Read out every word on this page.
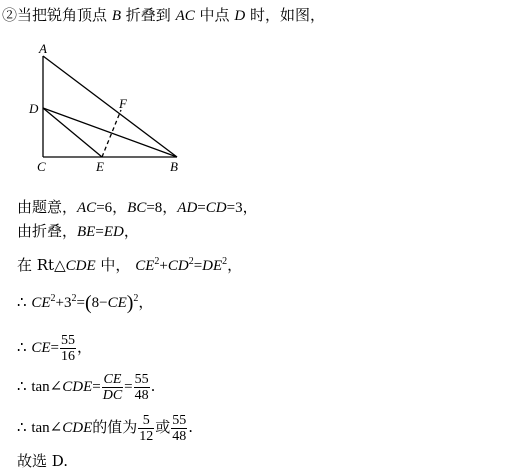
②当把锐角顶点 B 折叠到 AC 中点 D 时，如图，
A
D	F
C	E	B
由题意，AC=6，BC=8，AD=CD=3，
由折叠，BE=ED，
在 Rt△CDE 中， $CE^2+CD^2=DE^2$，
∴ $CE^2+3^2=(8-CE)^2$，
∴ $CE= \frac{55}{16}$ ，
∴ tan∠CDE= $\frac{CE}{DC} = \frac{55}{48}$ .
∴ tan∠CDE的值为 $\frac{5}{12}$ 或 $\frac{55}{48}$ .
故选 D.
